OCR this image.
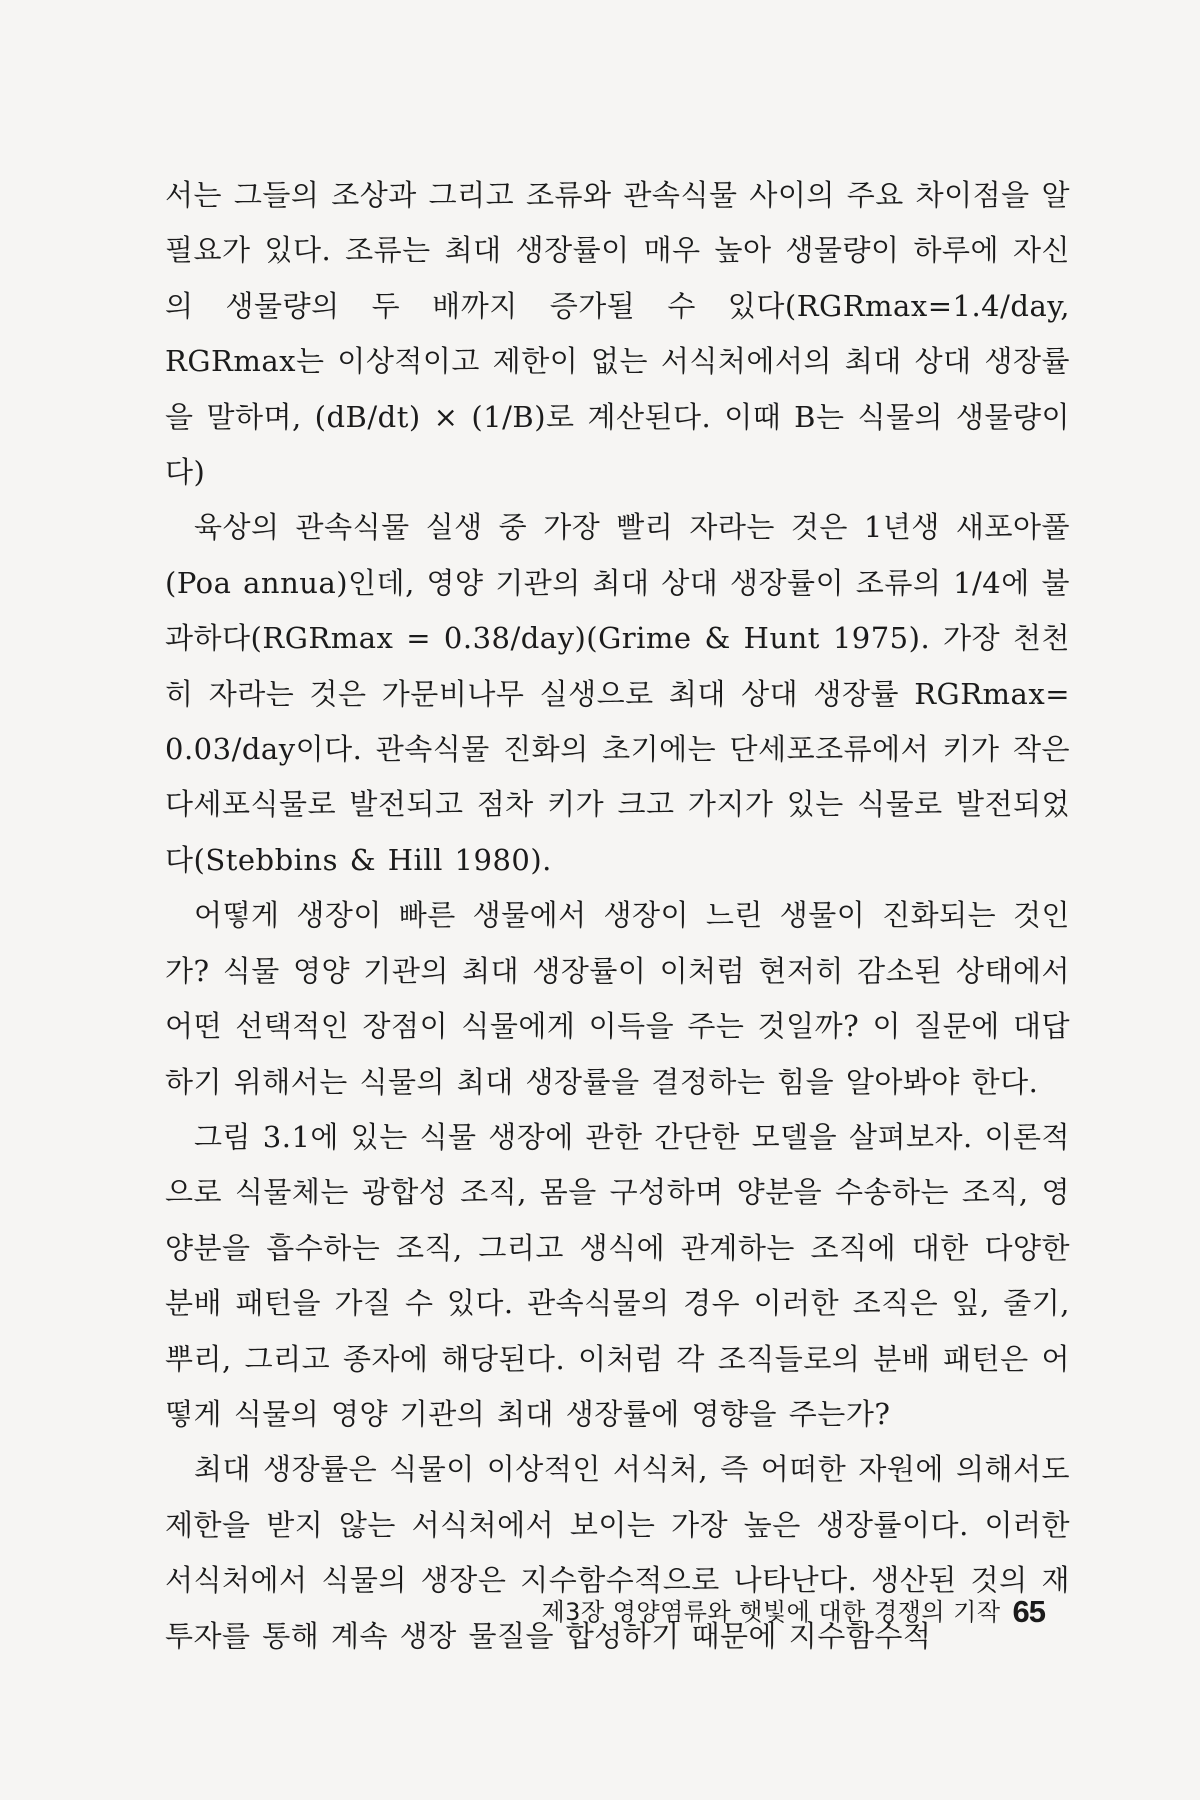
서는 그들의 조상과 그리고 조류와 관속식물 사이의 주요 차이점을 알 필요가 있다. 조류는 최대 생장률이 매우 높아 생물량이 하루에 자신의 생물량의 두 배까지 증가될 수 있다(RGRmax=1.4/day, RGRmax는 이상적이고 제한이 없는 서식처에서의 최대 상대 생장률을 말하며, (dB/dt) × (1/B)로 계산된다. 이때 B는 식물의 생물량이다)

육상의 관속식물 실생 중 가장 빨리 자라는 것은 1년생 새포아풀(Poa annua)인데, 영양 기관의 최대 상대 생장률이 조류의 1/4에 불과하다(RGRmax = 0.38/day)(Grime & Hunt 1975). 가장 천천히 자라는 것은 가문비나무 실생으로 최대 상대 생장률 RGRmax= 0.03/day이다. 관속식물 진화의 초기에는 단세포조류에서 키가 작은 다세포식물로 발전되고 점차 키가 크고 가지가 있는 식물로 발전되었다(Stebbins & Hill 1980).

어떻게 생장이 빠른 생물에서 생장이 느린 생물이 진화되는 것인가? 식물 영양 기관의 최대 생장률이 이처럼 현저히 감소된 상태에서 어떤 선택적인 장점이 식물에게 이득을 주는 것일까? 이 질문에 대답하기 위해서는 식물의 최대 생장률을 결정하는 힘을 알아봐야 한다.

그림 3.1에 있는 식물 생장에 관한 간단한 모델을 살펴보자. 이론적으로 식물체는 광합성 조직, 몸을 구성하며 양분을 수송하는 조직, 영양분을 흡수하는 조직, 그리고 생식에 관계하는 조직에 대한 다양한 분배 패턴을 가질 수 있다. 관속식물의 경우 이러한 조직은 잎, 줄기, 뿌리, 그리고 종자에 해당된다. 이처럼 각 조직들로의 분배 패턴은 어떻게 식물의 영양 기관의 최대 생장률에 영향을 주는가?

최대 생장률은 식물이 이상적인 서식처, 즉 어떠한 자원에 의해서도 제한을 받지 않는 서식처에서 보이는 가장 높은 생장률이다. 이러한 서식처에서 식물의 생장은 지수함수적으로 나타난다. 생산된 것의 재투자를 통해 계속 생장 물질을 합성하기 때문에 지수함수적

제3장 영양염류와 햇빛에 대한 경쟁의 기작 65
